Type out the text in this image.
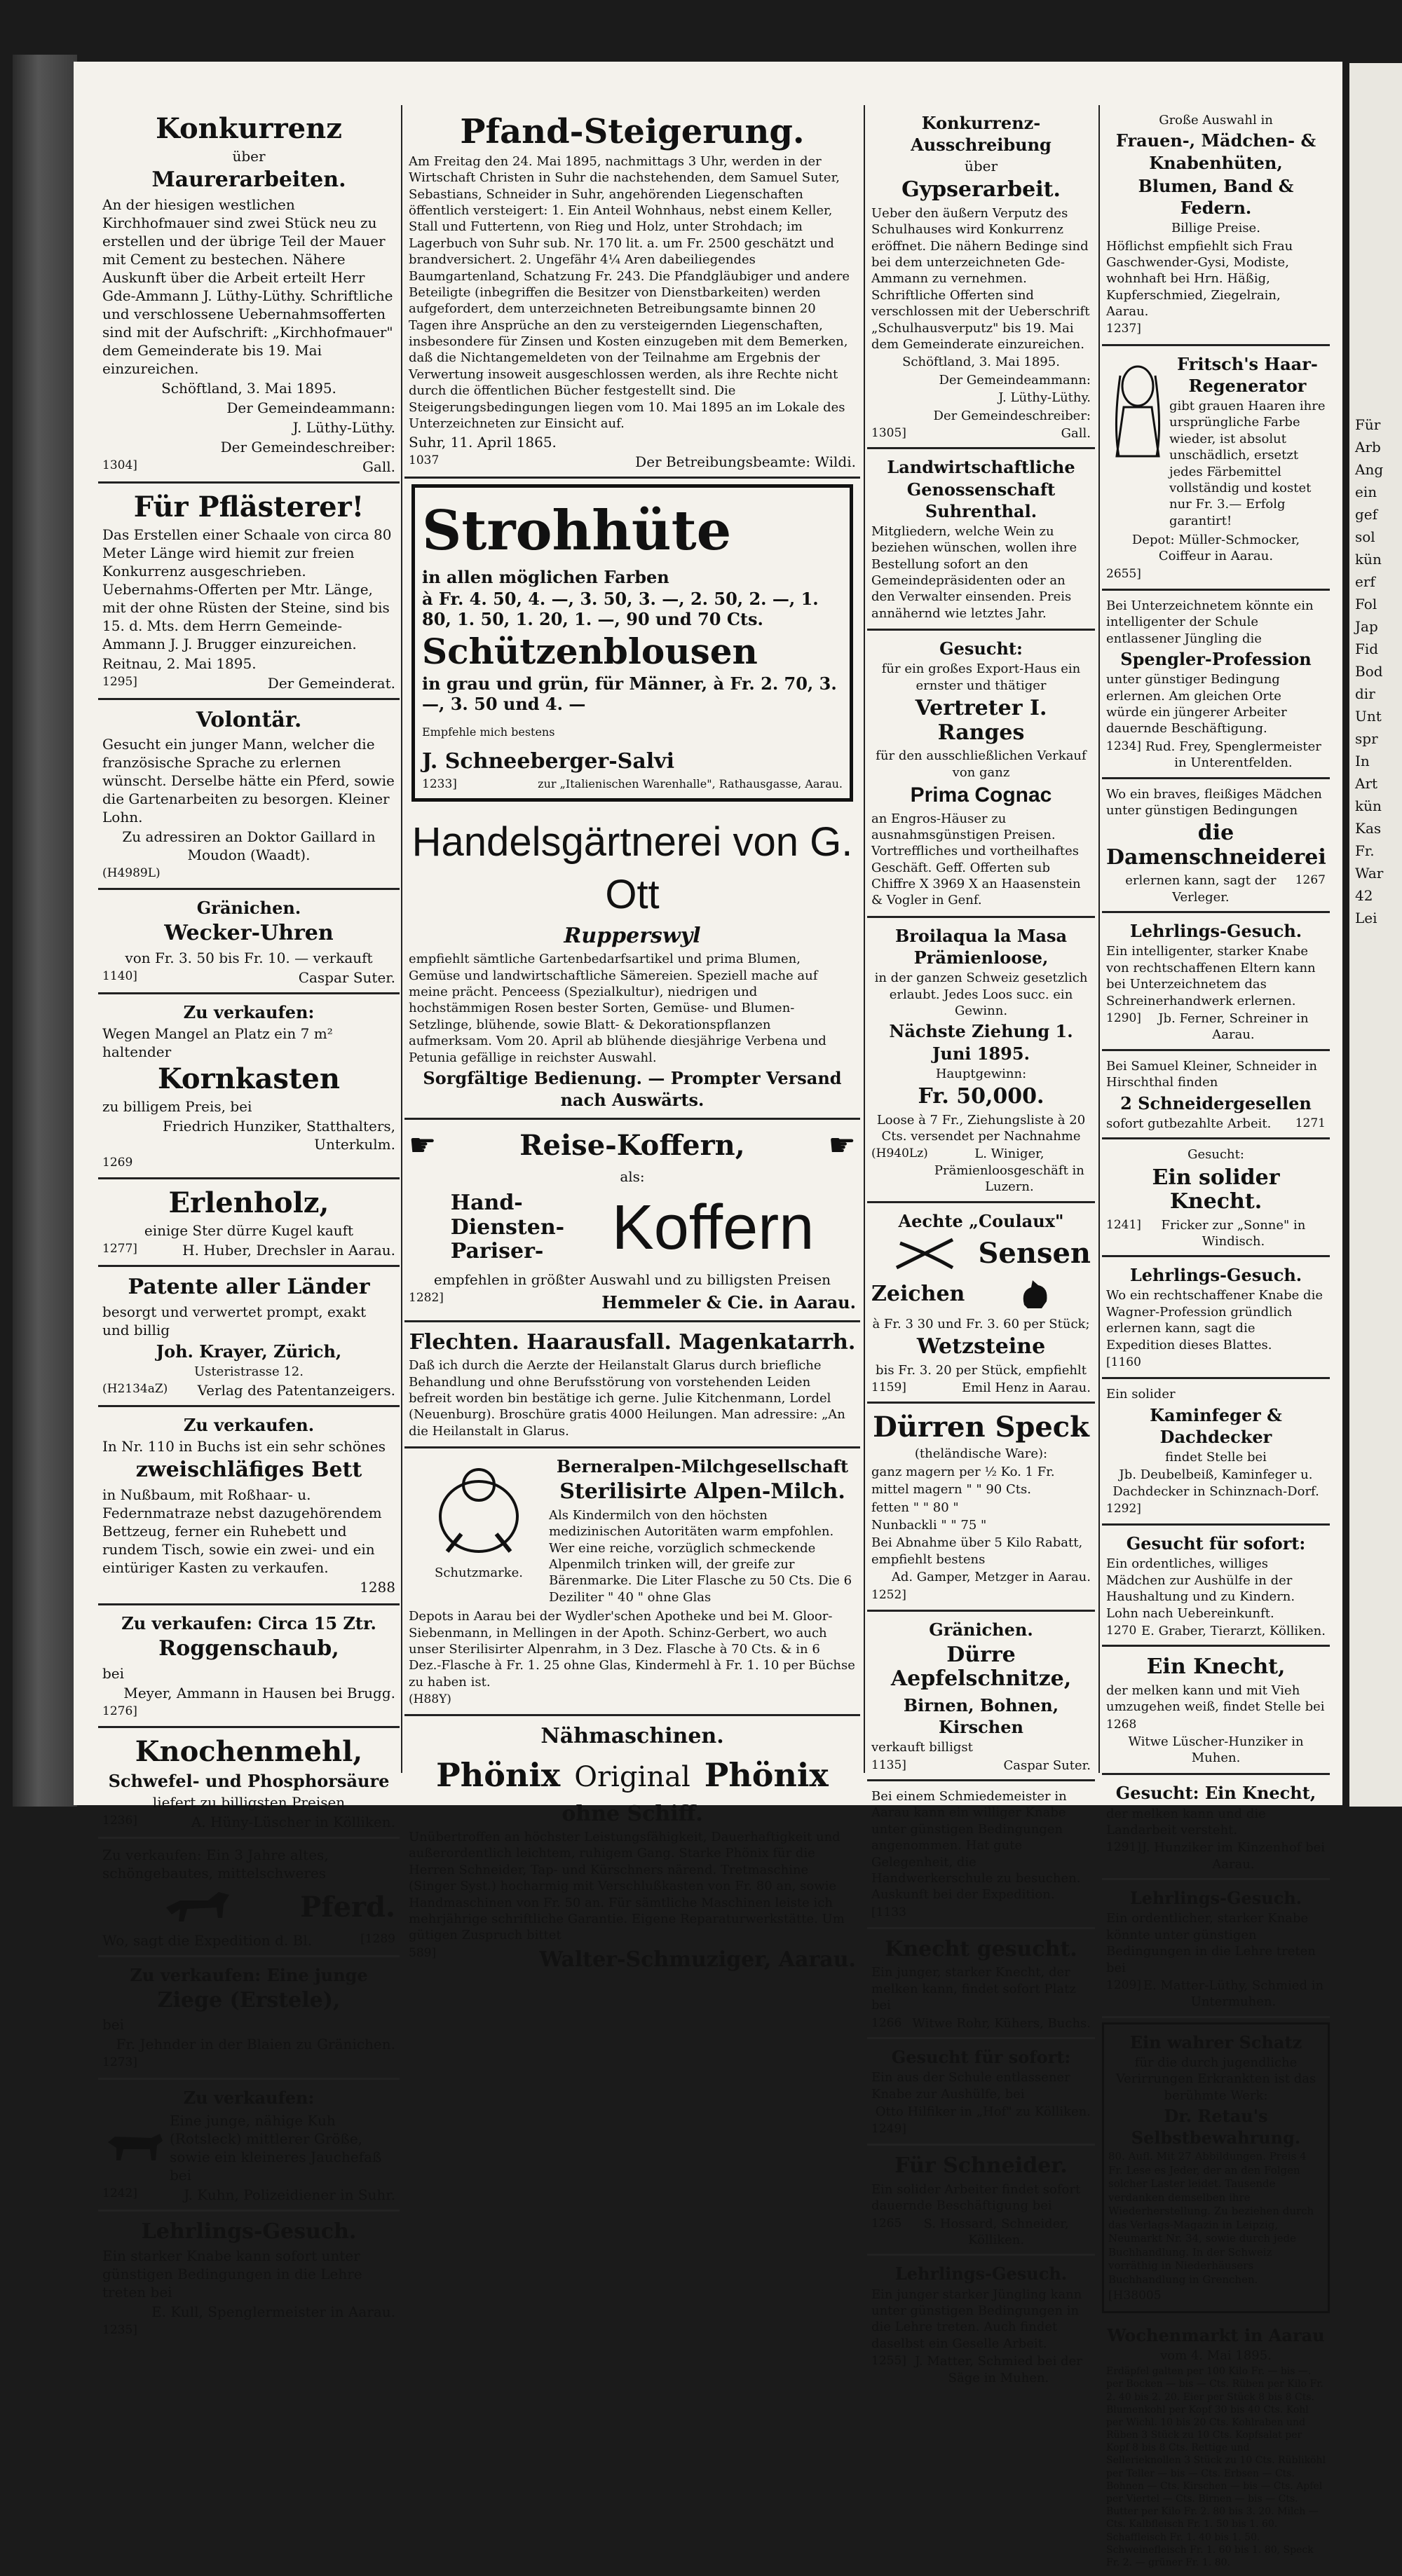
Für
Arb
Ang
ein
gef
sol
kün
erf
Fol
Jap
Fid
Bod
dir
Unt
spr
In
Art
kün
Kas
Fr.
War
42
Lei
Konkurrenz

über

Maurerarbeiten.

An der hiesigen westlichen Kirchhofmauer sind zwei Stück neu zu erstellen und der übrige Teil der Mauer mit Cement zu bestechen. Nähere Auskunft über die Arbeit erteilt Herr Gde-Ammann J. Lüthy-Lüthy. Schriftliche und verschlossene Uebernahmsofferten sind mit der Aufschrift: „Kirchhofmauer" dem Gemeinderate bis 19. Mai einzureichen.

Schöftland, 3. Mai 1895.

Der Gemeindeammann:

J. Lüthy-Lüthy.

Der Gemeindeschreiber:

1304]	Gall.
Für Pflästerer!

Das Erstellen einer Schaale von circa 80 Meter Länge wird hiemit zur freien Konkurrenz ausgeschrieben. Uebernahms-Offerten per Mtr. Länge, mit der ohne Rüsten der Steine, sind bis 15. d. Mts. dem Herrn Gemeinde-Ammann J. J. Brugger einzureichen.

Reitnau, 2. Mai 1895.

1295]	Der Gemeinderat.
Volontär.

Gesucht ein junger Mann, welcher die französische Sprache zu erlernen wünscht. Derselbe hätte ein Pferd, sowie die Gartenarbeiten zu besorgen. Kleiner Lohn.

Zu adressiren an Doktor Gaillard in Moudon (Waadt).

(H4989L)

Gränichen.
Wecker-Uhren

von Fr. 3. 50 bis Fr. 10. — verkauft

1140]	Caspar Suter.
Zu verkaufen:

Wegen Mangel an Platz ein 7 m² haltender

Kornkasten

zu billigem Preis, bei

Friedrich Hunziker, Statthalters, Unterkulm.

1269

Erlenholz,

einige Ster dürre Kugel kauft

1277]	H. Huber, Drechsler in Aarau.
Patente aller Länder

besorgt und verwertet prompt, exakt und billig

Joh. Krayer, Zürich,

Usteristrasse 12.

(H2134aZ) Verlag des Patentanzeigers.
Zu verkaufen.

In Nr. 110 in Buchs ist ein sehr schönes

zweischläfiges Bett

in Nußbaum, mit Roßhaar- u. Federnmatraze nebst dazugehörendem Bettzeug, ferner ein Ruhebett und rundem Tisch, sowie ein zwei- und ein eintüriger Kasten zu verkaufen.

1288

Zu verkaufen: Circa 15 Ztr.
Roggenschaub,

bei

Meyer, Ammann in Hausen bei Brugg.

1276]

Knochenmehl,
Schwefel- und Phosphorsäure

liefert zu billigsten Preisen

1236]	A. Hüny-Lüscher in Kölliken.

Zu verkaufen: Ein 3 Jahre altes, schöngebautes, mittelschweres

Pferd.
Wo, sagt die Expedition d. Bl.	[1289
Zu verkaufen: Eine junge
Ziege (Erstele),

bei

Fr. Jehnder in der Blaien zu Gränichen.

1273]

Zu verkaufen:

Eine junge, nähige Kuh (Rotsleck) mittlerer Größe, sowie ein kleineres Jauchefaß bei

1242]	J. Kuhn, Polizeidiener in Suhr.
Lehrlings-Gesuch.

Ein starker Knabe kann sofort unter günstigen Bedingungen in die Lehre treten bei

E. Kull, Spenglermeister in Aarau.

1235]

Pfand-Steigerung.

Am Freitag den 24. Mai 1895, nachmittags 3 Uhr, werden in der Wirtschaft Christen in Suhr die nachstehenden, dem Samuel Suter, Sebastians, Schneider in Suhr, angehörenden Liegenschaften öffentlich versteigert: 1. Ein Anteil Wohnhaus, nebst einem Keller, Stall und Futtertenn, von Rieg und Holz, unter Strohdach; im Lagerbuch von Suhr sub. Nr. 170 lit. a. um Fr. 2500 geschätzt und brandversichert. 2. Ungefähr 4¼ Aren dabeiliegendes Baumgartenland, Schatzung Fr. 243. Die Pfandgläubiger und andere Beteiligte (inbegriffen die Besitzer von Dienstbarkeiten) werden aufgefordert, dem unterzeichneten Betreibungsamte binnen 20 Tagen ihre Ansprüche an den zu versteigernden Liegenschaften, insbesondere für Zinsen und Kosten einzugeben mit dem Bemerken, daß die Nichtangemeldeten von der Teilnahme am Ergebnis der Verwertung insoweit ausgeschlossen werden, als ihre Rechte nicht durch die öffentlichen Bücher festgestellt sind. Die Steigerungsbedingungen liegen vom 10. Mai 1895 an im Lokale des Unterzeichneten zur Einsicht auf.

Suhr, 11. April 1865.

1037	Der Betreibungsbeamte: Wildi.
Strohhüte

in allen möglichen Farben

à Fr. 4. 50, 4. —, 3. 50, 3. —, 2. 50, 2. —, 1. 80, 1. 50, 1. 20, 1. —, 90 und 70 Cts.

Schützenblousen

in grau und grün, für Männer, à Fr. 2. 70, 3. —, 3. 50 und 4. —

Empfehle mich bestens

J. Schneeberger-Salvi
1233]	zur „Italienischen Warenhalle", Rathausgasse, Aarau.
Handelsgärtnerei von G. Ott
Rupperswyl

empfiehlt sämtliche Gartenbedarfsartikel und prima Blumen, Gemüse und landwirtschaftliche Sämereien. Speziell mache auf meine prächt. Penceess (Spezialkultur), niedrigen und hochstämmigen Rosen bester Sorten, Gemüse- und Blumen-Setzlinge, blühende, sowie Blatt- & Dekorationspflanzen aufmerksam. Vom 20. April ab blühende diesjährige Verbena und Petunia gefällige in reichster Auswahl.

Sorgfältige Bedienung. — Prompter Versand nach Auswärts.

☛	Reise-Koffern,	☛

als:

Hand- Diensten- Pariser-	Koffern

empfehlen in größter Auswahl und zu billigsten Preisen

1282]	Hemmeler & Cie. in Aarau.
Flechten. Haarausfall. Magenkatarrh.

Daß ich durch die Aerzte der Heilanstalt Glarus durch briefliche Behandlung und ohne Berufsstörung von vorstehenden Leiden befreit worden bin bestätige ich gerne. Julie Kitchenmann, Lordel (Neuenburg). Broschüre gratis 4000 Heilungen. Man adressire: „An die Heilanstalt in Glarus.

Schutzmarke.

Berneralpen-Milchgesellschaft
Sterilisirte Alpen-Milch.

Als Kindermilch von den höchsten medizinischen Autoritäten warm empfohlen. Wer eine reiche, vorzüglich schmeckende Alpenmilch trinken will, der greife zur Bärenmarke. Die Liter Flasche zu 50 Cts. Die 6 Deziliter " 40 " ohne Glas

Depots in Aarau bei der Wydler'schen Apotheke und bei M. Gloor-Siebenmann, in Mellingen in der Apoth. Schinz-Gerbert, wo auch unser Sterilisirter Alpenrahm, in 3 Dez. Flasche à 70 Cts. & in 6 Dez.-Flasche à Fr. 1. 25 ohne Glas, Kindermehl à Fr. 1. 10 per Büchse zu haben ist.

(H88Y)

Nähmaschinen.
Phönix Original Phönix
ohne Schiff.

Unübertroffen an höchster Leistungsfähigkeit, Dauerhaftigkeit und außerordentlich leichtem, ruhigem Gang. Starke Phönix für die Herren Schneider, Tap- und Kürschners närend. Tretmaschine (Singer Syst.) hocharmig mit Verschlußkasten von Fr. 80 an, sowie Handmaschinen von Fr. 50 an. Für sämtliche Maschinen leiste ich mehrjährige schriftliche Garantie. Eigene Reparaturwerkstätte. Um gütigen Zuspruch bittet

589]	Walter-Schmuziger, Aarau.
Konkurrenz-Ausschreibung

über

Gypserarbeit.

Ueber den äußern Verputz des Schulhauses wird Konkurrenz eröffnet. Die nähern Bedinge sind bei dem unterzeichneten Gde-Ammann zu vernehmen. Schriftliche Offerten sind verschlossen mit der Ueberschrift „Schulhausverputz" bis 19. Mai dem Gemeinderate einzureichen.

Schöftland, 3. Mai 1895.

Der Gemeindeammann:

J. Lüthy-Lüthy.

Der Gemeindeschreiber:

1305]	Gall.
Landwirtschaftliche Genossenschaft Suhrenthal.

Mitgliedern, welche Wein zu beziehen wünschen, wollen ihre Bestellung sofort an den Gemeindepräsidenten oder an den Verwalter einsenden. Preis annähernd wie letztes Jahr.

Gesucht:

für ein großes Export-Haus ein ernster und thätiger

Vertreter I. Ranges

für den ausschließlichen Verkauf von ganz

Prima Cognac

an Engros-Häuser zu ausnahmsgünstigen Preisen. Vortreffliches und vortheilhaftes Geschäft. Geff. Offerten sub Chiffre X 3969 X an Haasenstein & Vogler in Genf.

Broilaqua la Masa Prämienloose,

in der ganzen Schweiz gesetzlich erlaubt. Jedes Loos succ. ein Gewinn.

Nächste Ziehung 1. Juni 1895.

Hauptgewinn:

Fr. 50,000.

Loose à 7 Fr., Ziehungsliste à 20 Cts. versendet per Nachnahme

(H940Lz)	L. Winiger, Prämienloosgeschäft in Luzern.

Aechte „Coulaux"

Sensen
Zeichen

à Fr. 3 30 und Fr. 3. 60 per Stück;

Wetzsteine

bis Fr. 3. 20 per Stück, empfiehlt

1159]	Emil Henz in Aarau.
Dürren Speck

(theländische Ware):

ganz magern per ½ Ko. 1 Fr.

mittel magern " " 90 Cts.

fetten " " 80 "

Nunbackli " " 75 "

Bei Abnahme über 5 Kilo Rabatt, empfiehlt bestens

Ad. Gamper, Metzger in Aarau.

1252]

Gränichen.

Dürre Aepfelschnitze,

Birnen, Bohnen, Kirschen

verkauft billigst

1135]	Caspar Suter.

Bei einem Schmiedemeister in Aarau kann ein williger Knabe unter günstigen Bedingungen angenommen. Hat gute Gelegenheit, die Handwerkerschule zu besuchen. Auskunft bei der Expedition.

[1133

Knecht gesucht.

Ein junger, starker Knecht, der melken kann, findet sofort Platz bei

1266 Witwe Rohr, Kühers, Buchs.
Gesucht für sofort:

Ein aus der Schule entlassener Knabe zur Aushülfe, bei

Otto Hilfiker in „Hof" zu Kölliken.

1249]

Für Schneider.

Ein solider Arbeiter findet sofort dauernde Beschäftigung bei

1265	S. Hossard, Schneider, Kölliken.
Lehrlings-Gesuch.

Ein junger starker Jüngling kann unter günstigen Bedingungen in die Lehre treten. Auch findet daselbst ein Geselle Arbeit.

1255] J. Matter, Schmied bei der Säge in Muhen.

Große Auswahl in

Frauen-, Mädchen- & Knabenhüten,

Blumen, Band & Federn.

Billige Preise.

Höflichst empfiehlt sich Frau Gaschwender-Gysi, Modiste, wohnhaft bei Hrn. Häßig, Kupferschmied, Ziegelrain, Aarau.

1237]

Fritsch's Haar-Regenerator

gibt grauen Haaren ihre ursprüngliche Farbe wieder, ist absolut unschädlich, ersetzt jedes Färbemittel vollständig und kostet nur Fr. 3.— Erfolg garantirt!

Depot: Müller-Schmocker, Coiffeur in Aarau.

2655]

Bei Unterzeichnetem könnte ein intelligenter der Schule entlassener Jüngling die

Spengler-Profession

unter günstiger Bedingung erlernen. Am gleichen Orte würde ein jüngerer Arbeiter dauernde Beschäftigung.

1234] Rud. Frey, Spenglermeister in Unterentfelden.

Wo ein braves, fleißiges Mädchen unter günstigen Bedingungen

die Damenschneiderei
erlernen kann, sagt der Verleger.
1267
Lehrlings-Gesuch.

Ein intelligenter, starker Knabe von rechtschaffenen Eltern kann bei Unterzeichnetem das Schreinerhandwerk erlernen.

1290]	Jb. Ferner, Schreiner in Aarau.

Bei Samuel Kleiner, Schneider in Hirschthal finden

2 Schneidergesellen
sofort gutbezahlte Arbeit. 1271

Gesucht:

Ein solider Knecht.
1241]	Fricker zur „Sonne" in Windisch.
Lehrlings-Gesuch.

Wo ein rechtschaffener Knabe die Wagner-Profession gründlich erlernen kann, sagt die Expedition dieses Blattes.

[1160

Ein solider

Kaminfeger & Dachdecker

findet Stelle bei

Jb. Deubelbeiß, Kaminfeger u. Dachdecker in Schinznach-Dorf.

1292]

Gesucht für sofort:

Ein ordentliches, williges Mädchen zur Aushülfe in der Haushaltung und zu Kindern. Lohn nach Uebereinkunft.

1270 E. Graber, Tierarzt, Kölliken.
Ein Knecht,

der melken kann und mit Vieh umzugehen weiß, findet Stelle bei

1268

Witwe Lüscher-Hunziker in Muhen.

Gesucht: Ein Knecht,

der melken kann und die Landarbeit versteht.

1291] J. Hunziker im Kinzenhof bei Aarau.
Lehrlings-Gesuch.

Ein ordentlicher, starker Knabe könnte unter günstigen Bedingungen in die Lehre treten bei

1209] E. Matter-Lüthy, Schmied in Untermuhen.
Ein wahrer Schatz

für die durch jugendliche Verirrungen Erkrankten ist das berühmte Werk:

Dr. Retau's Selbstbewahrung.

80. Aufl. Mit 27 Abbildungen. Preis 4 Fr. Lese es Jeder, der an den Folgen solcher Laster leidet. Tausende verdanken demselben ihre Wiederherstellung. Zu beziehen durch das Verlags-Magazin in Leipzig, Neumarkt Nr. 34, sowie durch jede Buchhandlung. In der Schweiz vorräthig in Niederhäusers Buchhandlung in Grenchen.

[H38005

Wochenmarkt in Aarau

vom 4. Mai 1895.

Erdäpfel galten per 100 Kilo Fr. — bis —. per Bocken — bis — Cts. Rüben per Kilo Fr. 2. 40 bis 2. 20. Eier per Stück 8 bis 8 Cts. Blumenkohl per Kopf 30 bis 40 Cts. Kohl per Wichl. 10 bis 20 Cts. Kohlraben und Rüben 3 Stück zu 10 Cts. Kopfsalat per Kopf 8 bis 8 Cts. Rettige und Sellerieknollen 3 Stück zu 10 Cts. Rübliköhl per Teller — bis — Cts. Erbsen — Cts. Bohnen — Cts. Kirschen — bis — Cts. Apfel per Viertel — Cts. Birnen — bis — Cts. Butter per Kilo Fr. 2. 80 bis 3. 20. Milch — Cts. Kalbfleisch Fr. 1. 50 bis 1. 60. Schaffleisch Fr. 1. 40 bis 1. 50. Schweinefleisch Fr. 1. 60 bis 1. 80, Speck Fr. 2. — grüner Fr. 1. 80.
